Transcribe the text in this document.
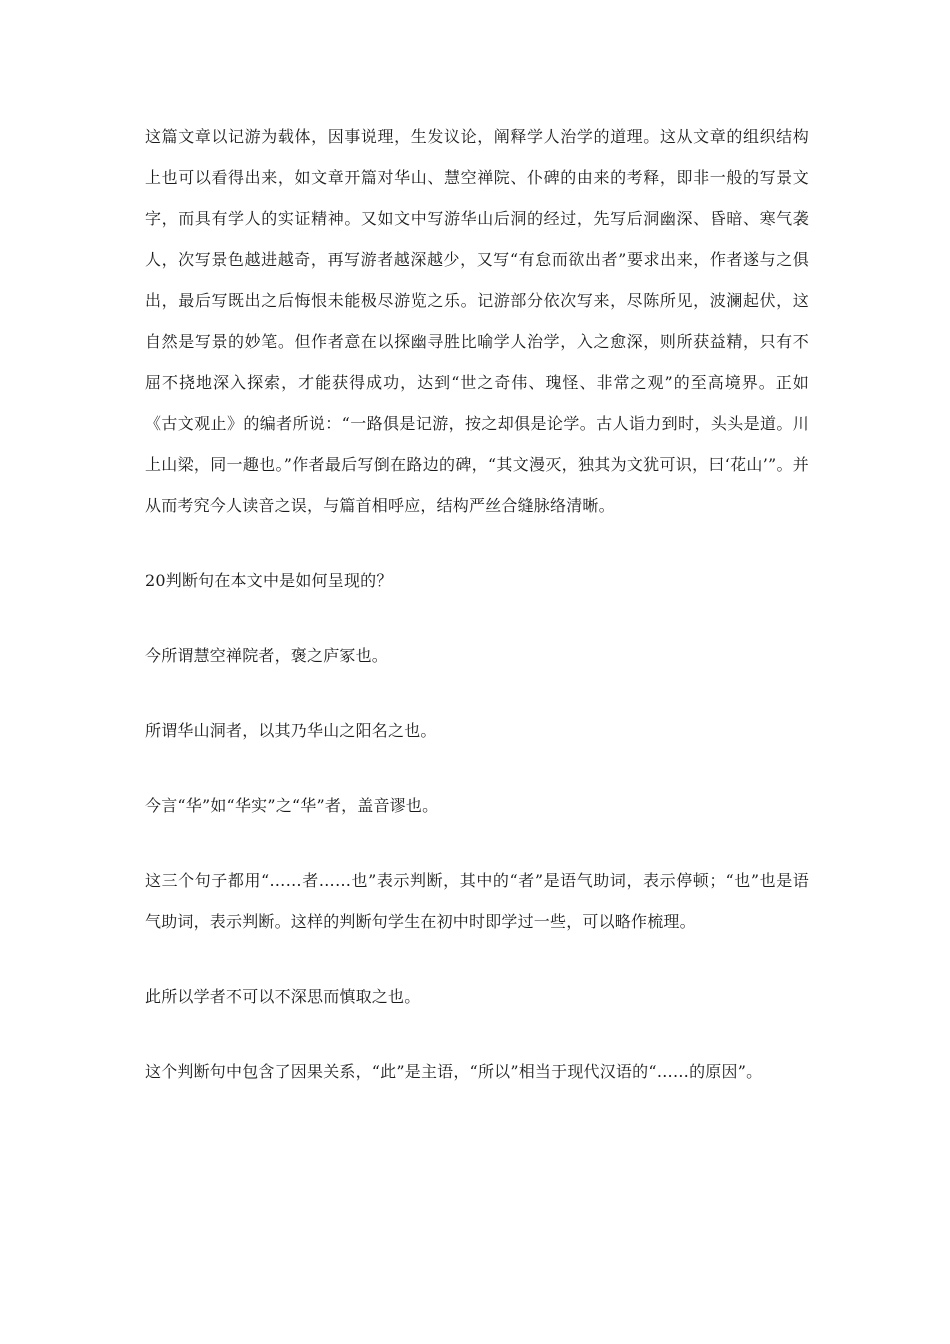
这篇文章以记游为载体，因事说理，生发议论，阐释学人治学的道理。这从文章的组织结构上也可以看得出来，如文章开篇对华山、慧空禅院、仆碑的由来的考释，即非一般的写景文字，而具有学人的实证精神。又如文中写游华山后洞的经过，先写后洞幽深、昏暗、寒气袭人，次写景色越进越奇，再写游者越深越少，又写“有怠而欲出者”要求出来，作者遂与之俱出，最后写既出之后悔恨未能极尽游览之乐。记游部分依次写来，尽陈所见，波澜起伏，这自然是写景的妙笔。但作者意在以探幽寻胜比喻学人治学，入之愈深，则所获益精，只有不屈不挠地深入探索，才能获得成功，达到“世之奇伟、瑰怪、非常之观”的至高境界。正如《古文观止》的编者所说：“一路俱是记游，按之却俱是论学。古人诣力到时，头头是道。川上山梁，同一趣也。”作者最后写倒在路边的碑，“其文漫灭，独其为文犹可识，曰‘花山’”。并从而考究今人读音之误，与篇首相呼应，结构严丝合缝脉络清晰。

20判断句在本文中是如何呈现的？

今所谓慧空禅院者，褒之庐冢也。

所谓华山洞者，以其乃华山之阳名之也。

今言“华”如“华实”之“华”者，盖音谬也。

这三个句子都用“……者……也”表示判断，其中的“者”是语气助词，表示停顿；“也”也是语气助词，表示判断。这样的判断句学生在初中时即学过一些，可以略作梳理。

此所以学者不可以不深思而慎取之也。

这个判断句中包含了因果关系，“此”是主语，“所以”相当于现代汉语的“……的原因”。
